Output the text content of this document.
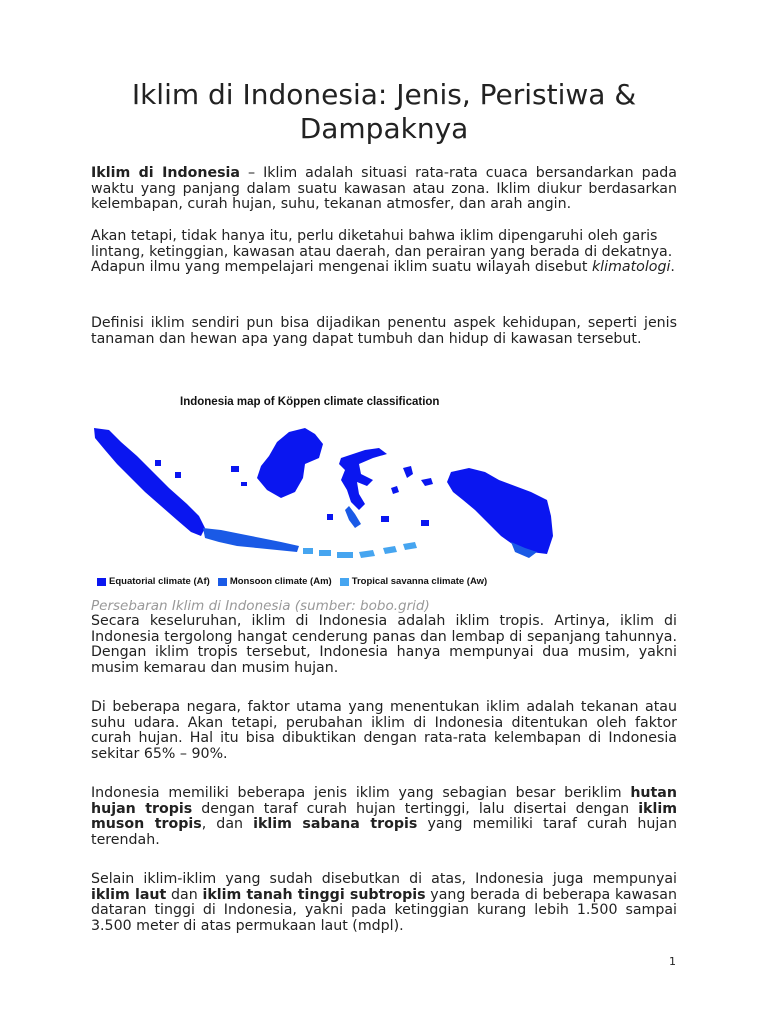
Iklim di Indonesia: Jenis, Peristiwa & Dampaknya

Iklim di Indonesia – Iklim adalah situasi rata-rata cuaca bersandarkan pada waktu yang panjang dalam suatu kawasan atau zona. Iklim diukur berdasarkan kelembapan, curah hujan, suhu, tekanan atmosfer, dan arah angin.

Akan tetapi, tidak hanya itu, perlu diketahui bahwa iklim dipengaruhi oleh garis lintang, ketinggian, kawasan atau daerah, dan perairan yang berada di dekatnya. Adapun ilmu yang mempelajari mengenai iklim suatu wilayah disebut klimatologi.

Definisi iklim sendiri pun bisa dijadikan penentu aspek kehidupan, seperti jenis tanaman dan hewan apa yang dapat tumbuh dan hidup di kawasan tersebut.

Indonesia map of Köppen climate classification
Equatorial climate (Af) Monsoon climate (Am) Tropical savanna climate (Aw)
Persebaran Iklim di Indonesia (sumber: bobo.grid)

Secara keseluruhan, iklim di Indonesia adalah iklim tropis. Artinya, iklim di Indonesia tergolong hangat cenderung panas dan lembap di sepanjang tahunnya. Dengan iklim tropis tersebut, Indonesia hanya mempunyai dua musim, yakni musim kemarau dan musim hujan.

Di beberapa negara, faktor utama yang menentukan iklim adalah tekanan atau suhu udara. Akan tetapi, perubahan iklim di Indonesia ditentukan oleh faktor curah hujan. Hal itu bisa dibuktikan dengan rata-rata kelembapan di Indonesia sekitar 65% – 90%.

Indonesia memiliki beberapa jenis iklim yang sebagian besar beriklim hutan hujan tropis dengan taraf curah hujan tertinggi, lalu disertai dengan iklim muson tropis, dan iklim sabana tropis yang memiliki taraf curah hujan terendah.

Selain iklim-iklim yang sudah disebutkan di atas, Indonesia juga mempunyai iklim laut dan iklim tanah tinggi subtropis yang berada di beberapa kawasan dataran tinggi di Indonesia, yakni pada ketinggian kurang lebih 1.500 sampai 3.500 meter di atas permukaan laut (mdpl).

1
